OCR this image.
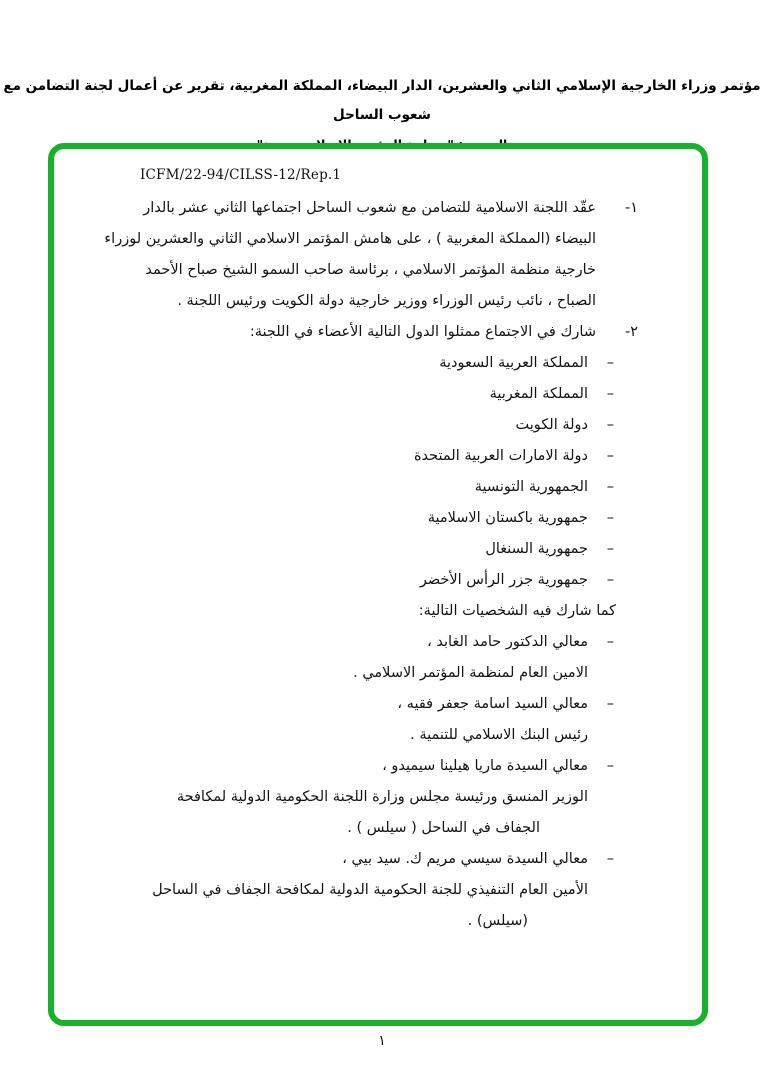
مؤتمر وزراء الخارجية الإسلامي الثاني والعشرين، الدار البيضاء، المملكة المغربية، تقرير عن أعمال لجنة التضامن مع شعوب الساحل
ICFM/22-94/CILSS-12/Rep.1
١-
عقّد اللجنة الاسلامية للتضامن مع شعوب الساحل اجتماعها الثاني عشر بالدار
البيضاء (المملكة المغربية ) ، على هامش المؤتمر الاسلامي الثاني والعشرين لوزراء
خارجية منظمة المؤتمر الاسلامي ، برئاسة صاحب السمو الشيخ صباح الأحمد
الصباح ، نائب رئيس الوزراء ووزير خارجية دولة الكويت ورئيس اللجنة .
٢-
شارك في الاجتماع ممثلوا الدول التالية الأعضاء في اللجنة:
–
المملكة العربية السعودية
–
المملكة المغربية
–
دولة الكويت
–
دولة الامارات العربية المتحدة
–
الجمهورية التونسية
–
جمهورية باكستان الاسلامية
–
جمهورية السنغال
–
جمهورية جزر الرأس الأخضر
كما شارك فيه الشخصيات التالية:
–
معالي الدكتور حامد الغابد ،
الامين العام لمنظمة المؤتمر الاسلامي .
–
معالي السيد اسامة جعفر فقيه ،
رئيس البنك الاسلامي للتنمية .
–
معالي السيدة ماريا هيلينا سيميدو ،
الوزير المنسق ورئيسة مجلس وزارة اللجنة الحكومية الدولية لمكافحة
الجفاف في الساحل ( سيلس ) .
–
معالي السيدة سيسي مريم ك. سيد بيي ،
الأمين العام التنفيذي للجنة الحكومية الدولية لمكافحة الجفاف في الساحل
(سيلس) .
١
